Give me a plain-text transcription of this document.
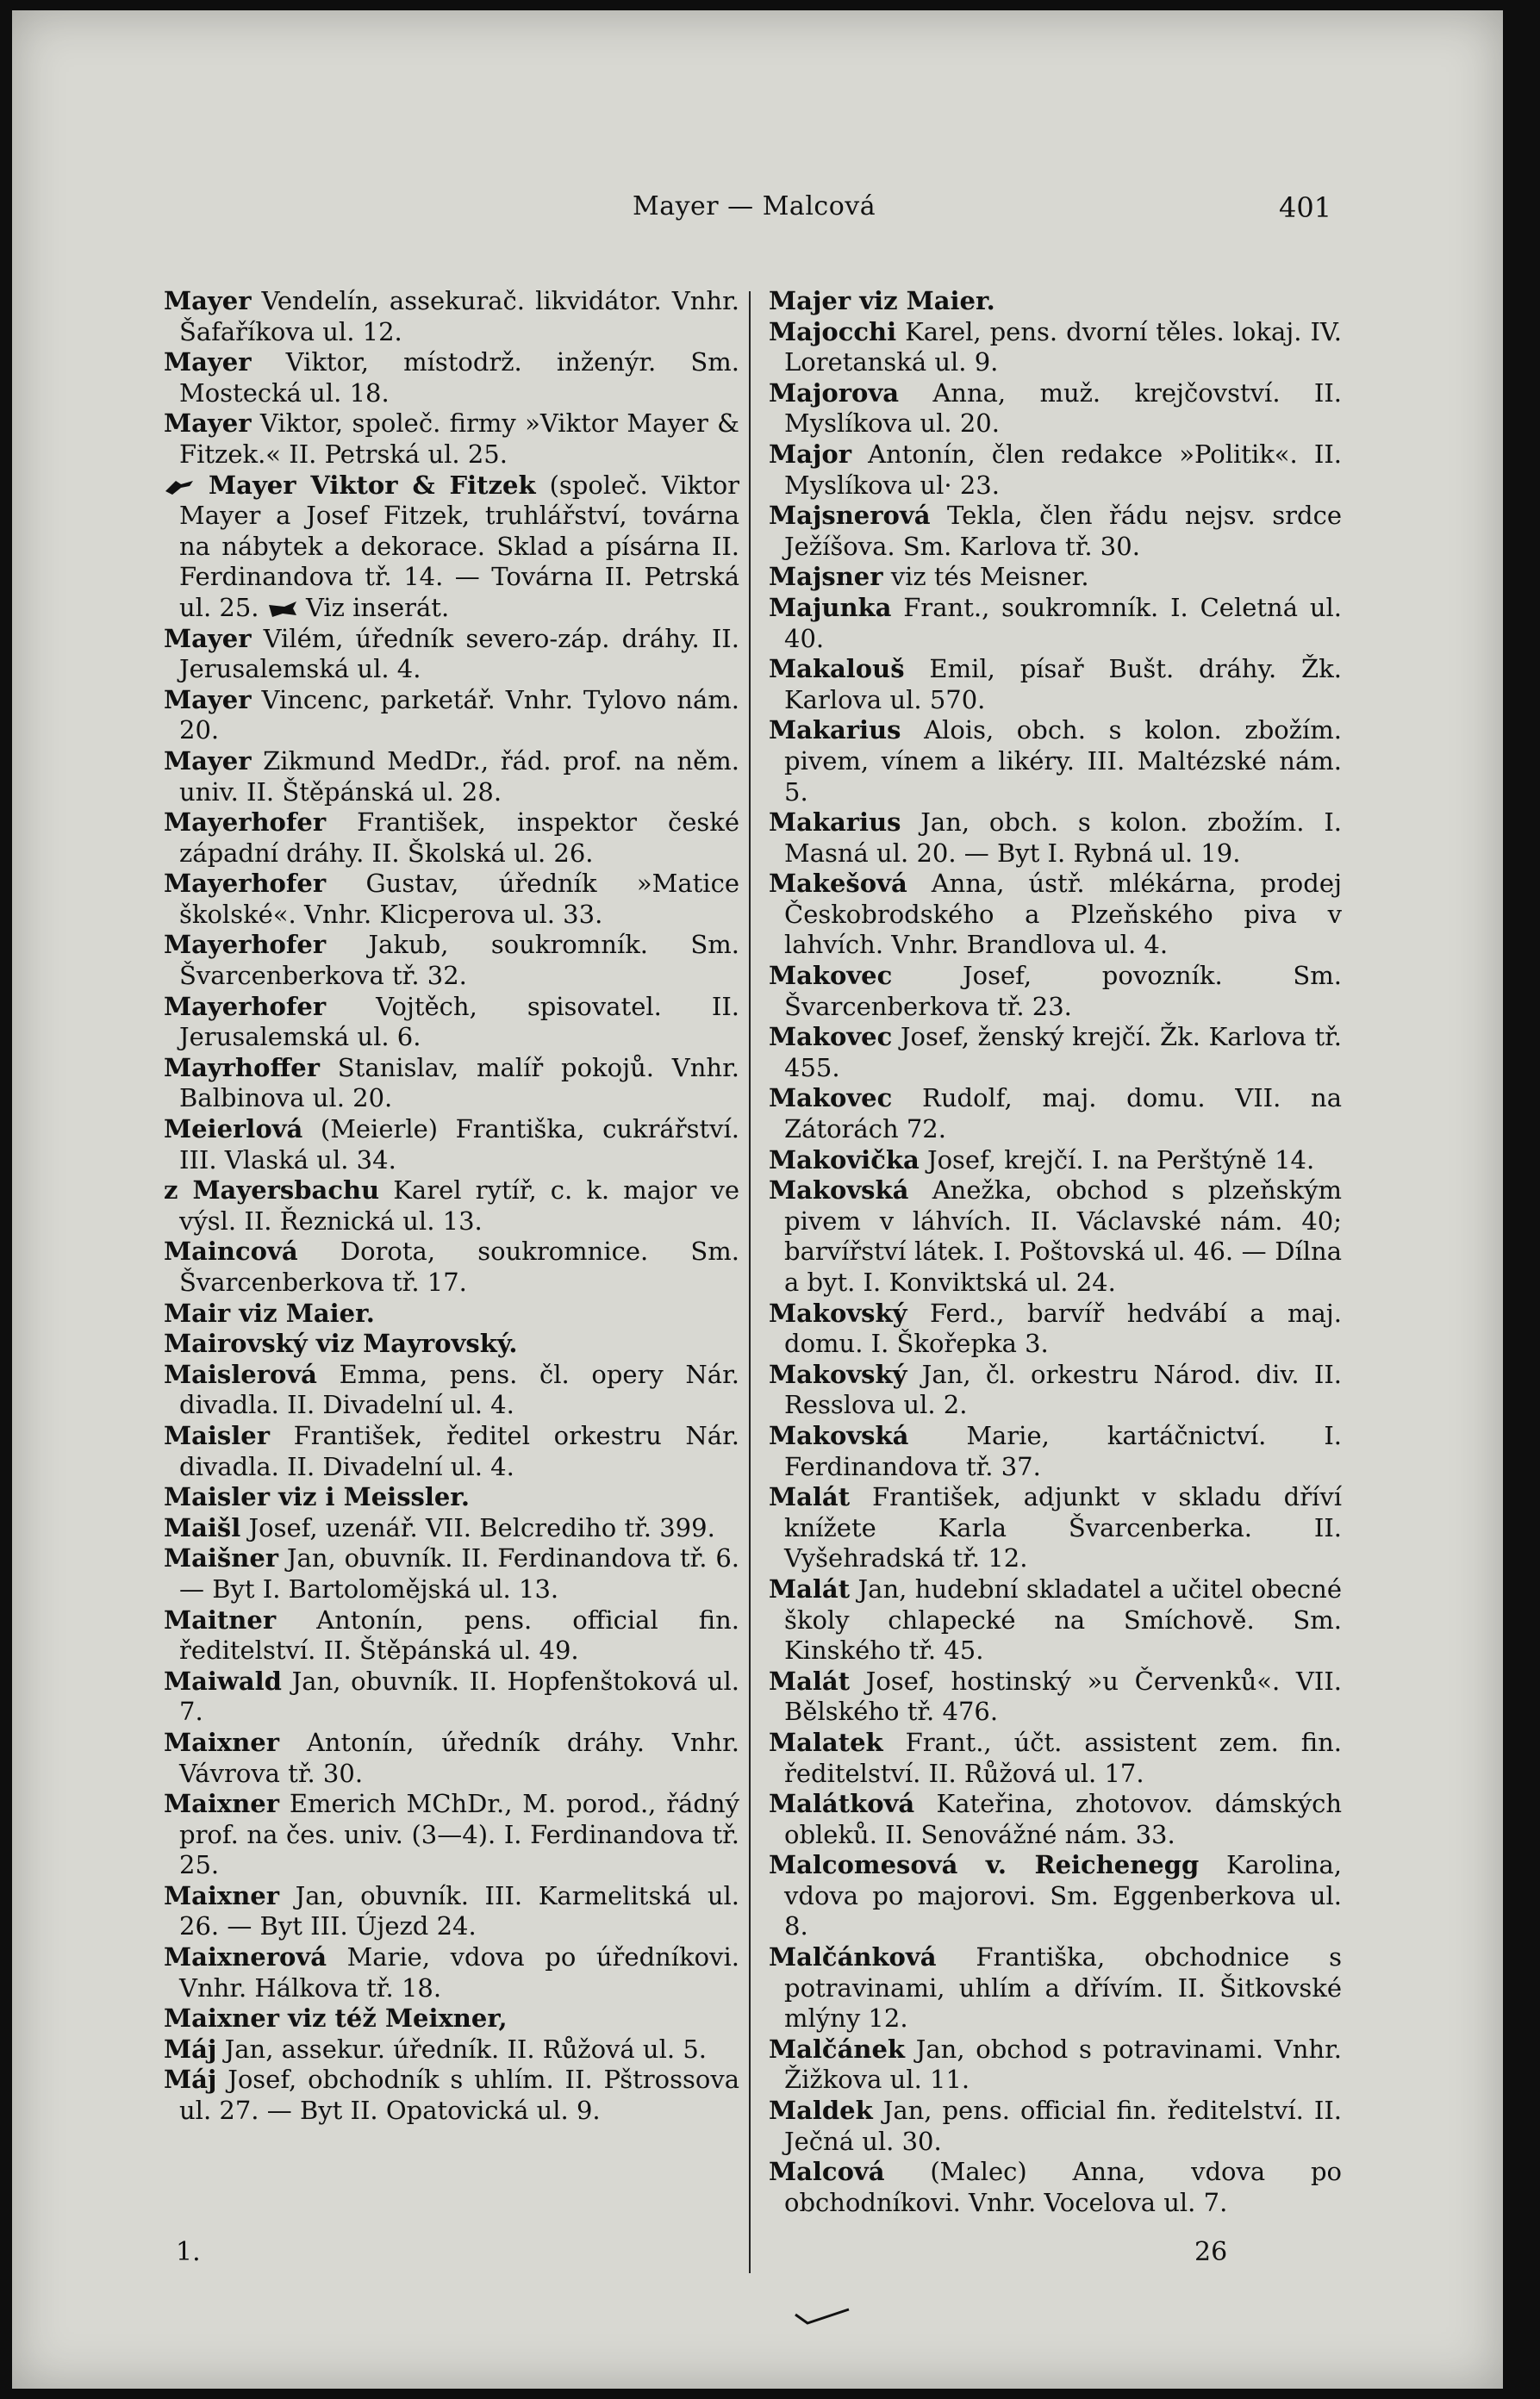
Mayer — Malcová	401

Mayer Vendelín, assekurač. likvidátor. Vnhr. Šafaříkova ul. 12.

Mayer Viktor, místodrž. inženýr. Sm. Mostecká ul. 18.

Mayer Viktor, společ. firmy »Viktor Mayer & Fitzek.« II. Petrská ul. 25.

Mayer Viktor & Fitzek (společ. Viktor Mayer a Josef Fitzek, truhlářství, továrna na nábytek a dekorace. Sklad a písárna II. Ferdinandova tř. 14. — Továrna II. Petrská ul. 25.  Viz inserát.

Mayer Vilém, úředník severo-záp. dráhy. II. Jerusalemská ul. 4.

Mayer Vincenc, parketář. Vnhr. Tylovo nám. 20.

Mayer Zikmund MedDr., řád. prof. na něm. univ. II. Štěpánská ul. 28.

Mayerhofer František, inspektor české západní dráhy. II. Školská ul. 26.

Mayerhofer Gustav, úředník »Matice školské«. Vnhr. Klicperova ul. 33.

Mayerhofer Jakub, soukromník. Sm. Švarcenberkova tř. 32.

Mayerhofer Vojtěch, spisovatel. II. Jerusalemská ul. 6.

Mayrhoffer Stanislav, malíř pokojů. Vnhr. Balbinova ul. 20.

Meierlová (Meierle) Františka, cukrářství. III. Vlaská ul. 34.

z Mayersbachu Karel rytíř, c. k. major ve výsl. II. Řeznická ul. 13.

Maincová Dorota, soukromnice. Sm. Švarcenberkova tř. 17.

Mair viz Maier.

Mairovský viz Mayrovský.

Maislerová Emma, pens. čl. opery Nár. divadla. II. Divadelní ul. 4.

Maisler František, ředitel orkestru Nár. divadla. II. Divadelní ul. 4.

Maisler viz i Meissler.

Maišl Josef, uzenář. VII. Belcrediho tř. 399.

Maišner Jan, obuvník. II. Ferdinandova tř. 6. — Byt I. Bartolomějská ul. 13.

Maitner Antonín, pens. official fin. ředitelství. II. Štěpánská ul. 49.

Maiwald Jan, obuvník. II. Hopfenštoková ul. 7.

Maixner Antonín, úředník dráhy. Vnhr. Vávrova tř. 30.

Maixner Emerich MChDr., M. porod., řádný prof. na čes. univ. (3—4). I. Ferdinandova tř. 25.

Maixner Jan, obuvník. III. Karmelitská ul. 26. — Byt III. Újezd 24.

Maixnerová Marie, vdova po úředníkovi. Vnhr. Hálkova tř. 18.

Maixner viz též Meixner,

Máj Jan, assekur. úředník. II. Růžová ul. 5.

Máj Josef, obchodník s uhlím. II. Pštrossova ul. 27. — Byt II. Opatovická ul. 9.

Majer viz Maier.

Majocchi Karel, pens. dvorní těles. lokaj. IV. Loretanská ul. 9.

Majorova Anna, muž. krejčovství. II. Myslíkova ul. 20.

Major Antonín, člen redakce »Politik«. II. Myslíkova ul· 23.

Majsnerová Tekla, člen řádu nejsv. srdce Ježíšova. Sm. Karlova tř. 30.

Majsner viz tés Meisner.

Majunka Frant., soukromník. I. Celetná ul. 40.

Makalouš Emil, písař Bušt. dráhy. Žk. Karlova ul. 570.

Makarius Alois, obch. s kolon. zbožím. pivem, vínem a likéry. III. Maltézské nám. 5.

Makarius Jan, obch. s kolon. zbožím. I. Masná ul. 20. — Byt I. Rybná ul. 19.

Makešová Anna, ústř. mlékárna, prodej Českobrodského a Plzeňského piva v lahvích. Vnhr. Brandlova ul. 4.

Makovec Josef, povozník. Sm. Švarcenberkova tř. 23.

Makovec Josef, ženský krejčí. Žk. Karlova tř. 455.

Makovec Rudolf, maj. domu. VII. na Zátorách 72.

Makovička Josef, krejčí. I. na Perštýně 14.

Makovská Anežka, obchod s plzeňským pivem v láhvích. II. Václavské nám. 40; barvířství látek. I. Poštovská ul. 46. — Dílna a byt. I. Konviktská ul. 24.

Makovský Ferd., barvíř hedvábí a maj. domu. I. Škořepka 3.

Makovský Jan, čl. orkestru Národ. div. II. Resslova ul. 2.

Makovská Marie, kartáčnictví. I. Ferdinandova tř. 37.

Malát František, adjunkt v skladu dříví knížete Karla Švarcenberka. II. Vyšehradská tř. 12.

Malát Jan, hudební skladatel a učitel obecné školy chlapecké na Smíchově. Sm. Kinského tř. 45.

Malát Josef, hostinský »u Červenků«. VII. Bělského tř. 476.

Malatek Frant., účt. assistent zem. fin. ředitelství. II. Růžová ul. 17.

Malátková Kateřina, zhotovov. dámských obleků. II. Senovážné nám. 33.

Malcomesová v. Reichenegg Karolina, vdova po majorovi. Sm. Eggenberkova ul. 8.

Malčánková Františka, obchodnice s potravinami, uhlím a dřívím. II. Šitkovské mlýny 12.

Malčánek Jan, obchod s potravinami. Vnhr. Žižkova ul. 11.

Maldek Jan, pens. official fin. ředitelství. II. Ječná ul. 30.

Malcová (Malec) Anna, vdova po obchodníkovi. Vnhr. Vocelova ul. 7.

1.	26
